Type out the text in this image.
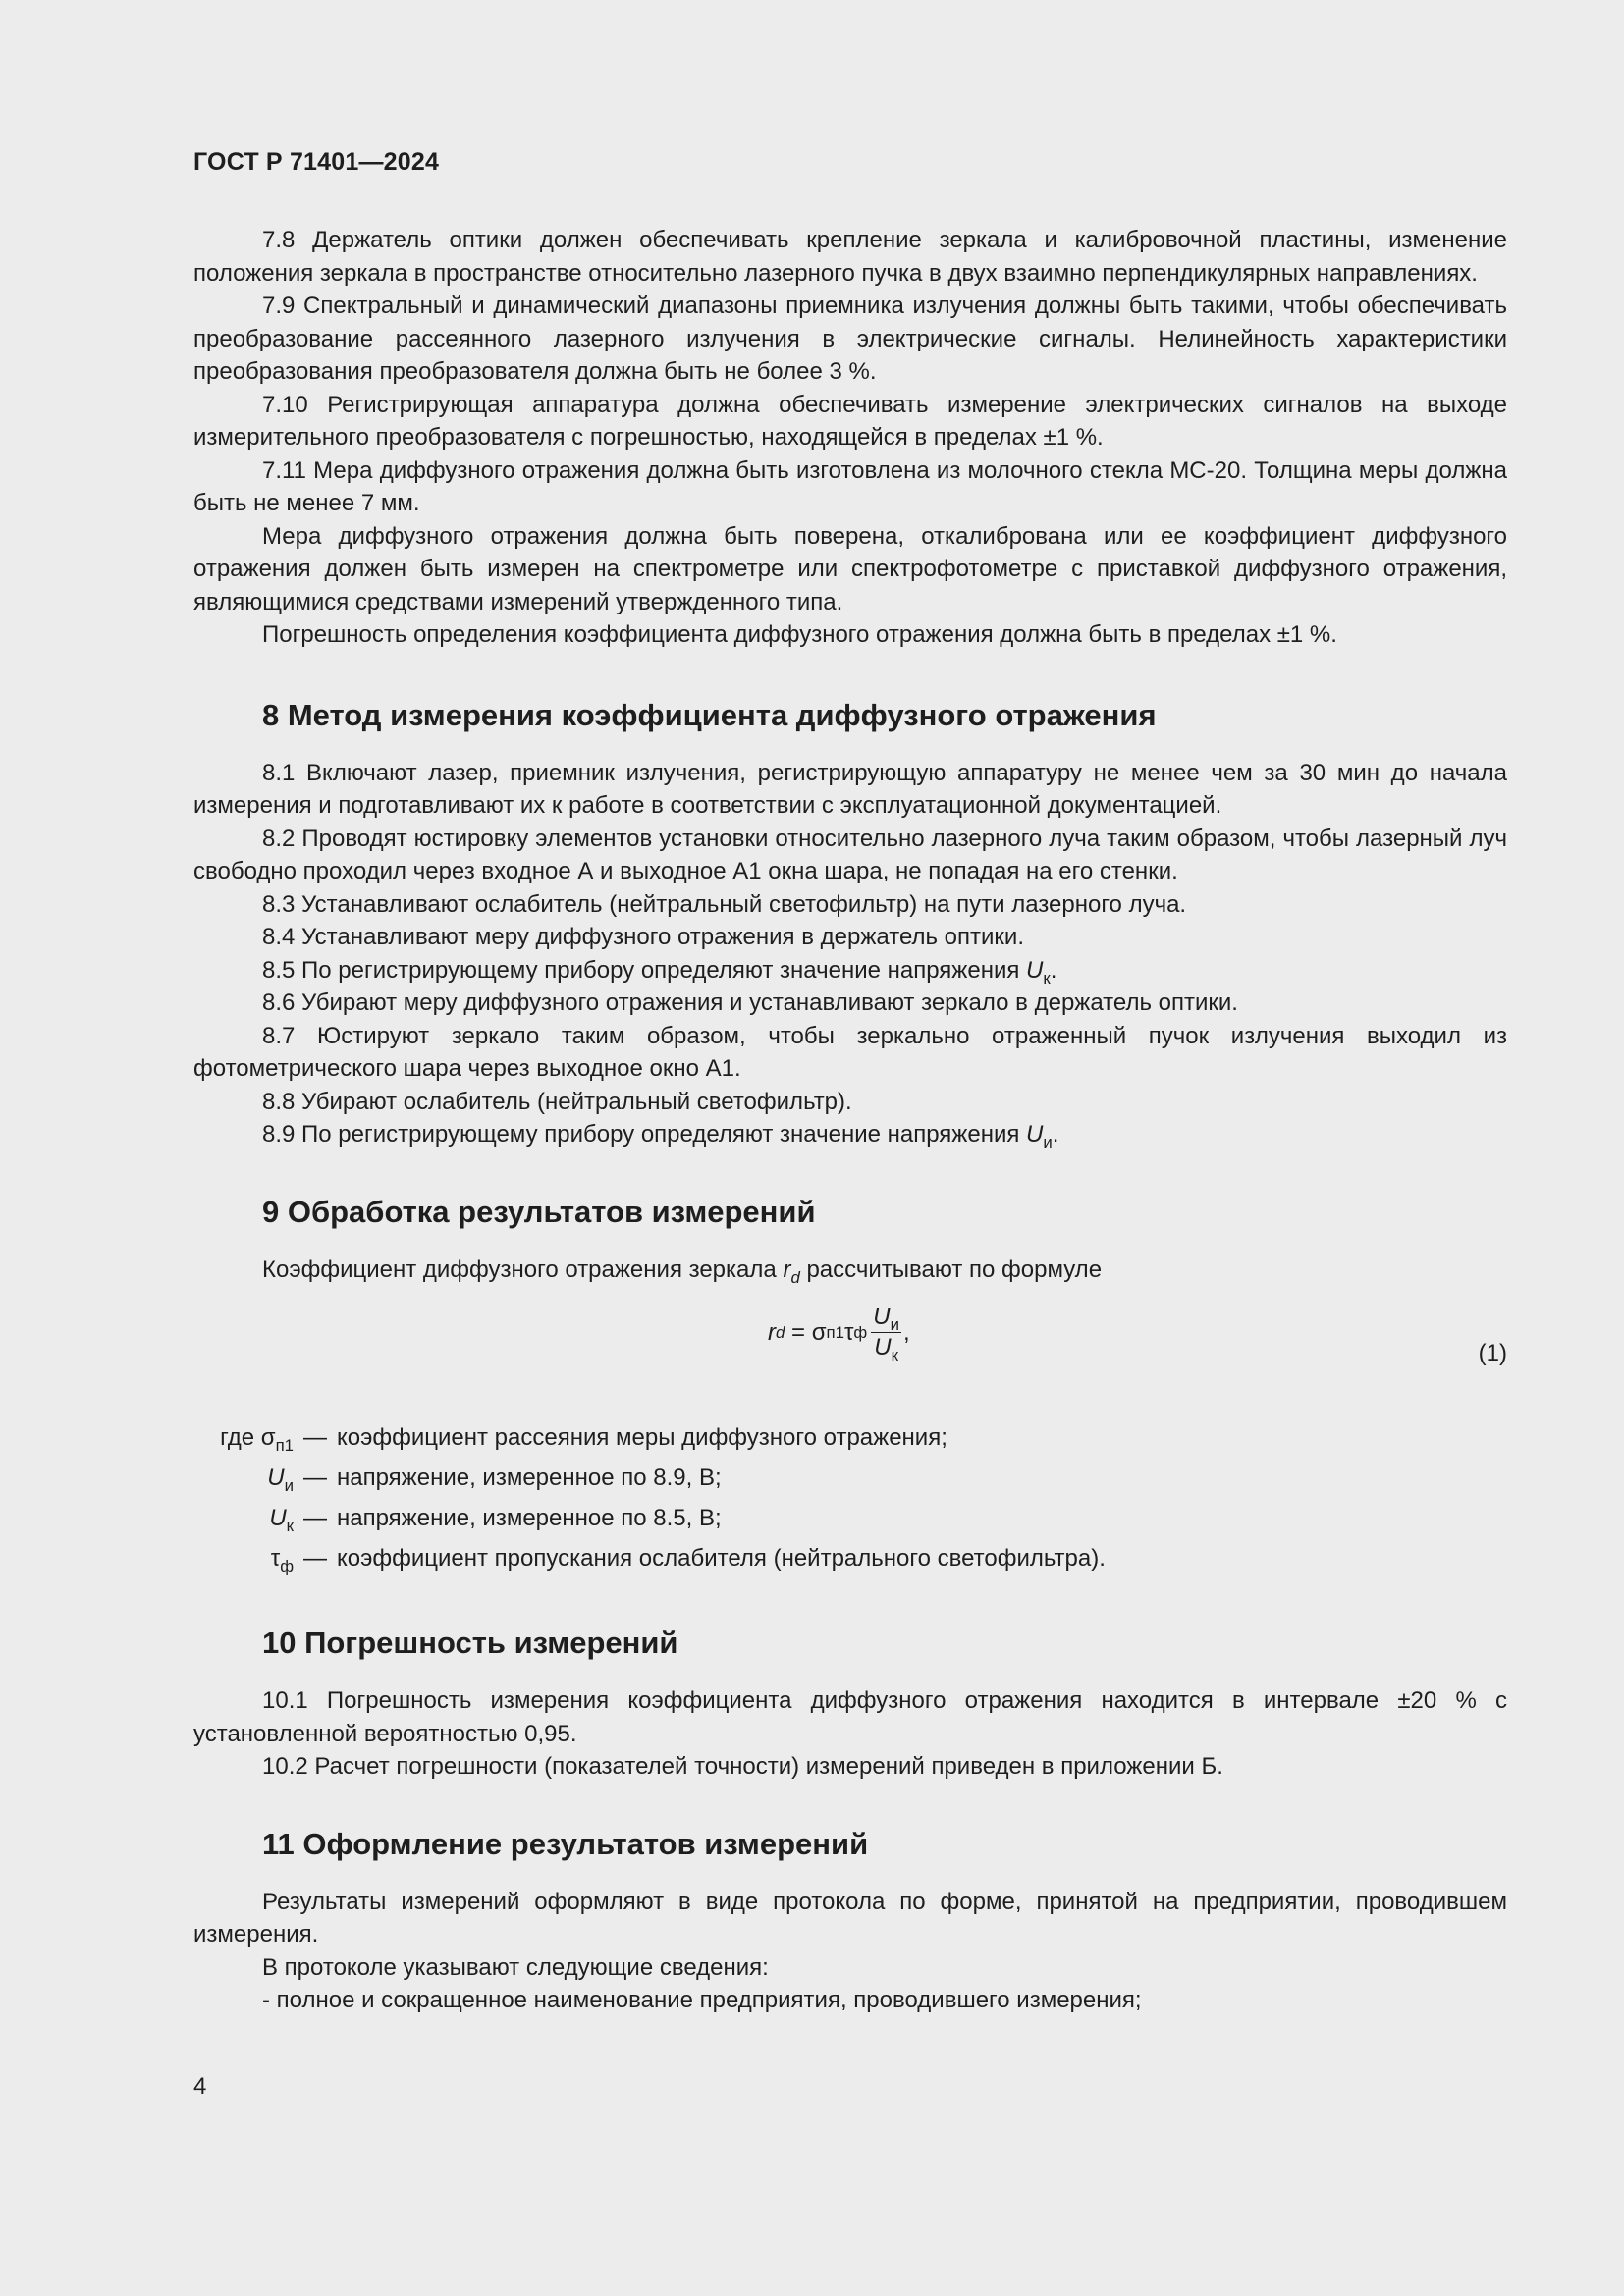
ГОСТ Р 71401—2024

7.8 Держатель оптики должен обеспечивать крепление зеркала и калибровочной пластины, изменение положения зеркала в пространстве относительно лазерного пучка в двух взаимно перпендикулярных направлениях.

7.9 Спектральный и динамический диапазоны приемника излучения должны быть такими, чтобы обеспечивать преобразование рассеянного лазерного излучения в электрические сигналы. Нелинейность характеристики преобразования преобразователя должна быть не более 3 %.

7.10 Регистрирующая аппаратура должна обеспечивать измерение электрических сигналов на выходе измерительного преобразователя с погрешностью, находящейся в пределах ±1 %.

7.11 Мера диффузного отражения должна быть изготовлена из молочного стекла МС-20. Толщина меры должна быть не менее 7 мм.

Мера диффузного отражения должна быть поверена, откалибрована или ее коэффициент диффузного отражения должен быть измерен на спектрометре или спектрофотометре с приставкой диффузного отражения, являющимися средствами измерений утвержденного типа.

Погрешность определения коэффициента диффузного отражения должна быть в пределах ±1 %.

8 Метод измерения коэффициента диффузного отражения

8.1 Включают лазер, приемник излучения, регистрирующую аппаратуру не менее чем за 30 мин до начала измерения и подготавливают их к работе в соответствии с эксплуатационной документацией.

8.2 Проводят юстировку элементов установки относительно лазерного луча таким образом, чтобы лазерный луч свободно проходил через входное А и выходное А1 окна шара, не попадая на его стенки.

8.3 Устанавливают ослабитель (нейтральный светофильтр) на пути лазерного луча.

8.4 Устанавливают меру диффузного отражения в держатель оптики.

8.5 По регистрирующему прибору определяют значение напряжения $U_к$.

8.6 Убирают меру диффузного отражения и устанавливают зеркало в держатель оптики.

8.7 Юстируют зеркало таким образом, чтобы зеркально отраженный пучок излучения выходил из фотометрического шара через выходное окно А1.

8.8 Убирают ослабитель (нейтральный светофильтр).

8.9 По регистрирующему прибору определяют значение напряжения $U_и$.

9 Обработка результатов измерений

Коэффициент диффузного отражения зеркала $r_d$ рассчитывают по формуле

r d = σ п1 τ ф $\frac{U_и}{U_к}$ ,
(1)
где $\sigma_{п1}$ — коэффициент рассеяния меры диффузного отражения;
$U_и$ — напряжение, измеренное по 8.9, В;
$U_к$ — напряжение, измеренное по 8.5, В;
$\tau_ф$ — коэффициент пропускания ослабителя (нейтрального светофильтра).
10 Погрешность измерений

10.1 Погрешность измерения коэффициента диффузного отражения находится в интервале ±20 % с установленной вероятностью 0,95.

10.2 Расчет погрешности (показателей точности) измерений приведен в приложении Б.

11 Оформление результатов измерений

Результаты измерений оформляют в виде протокола по форме, принятой на предприятии, проводившем измерения.

В протоколе указывают следующие сведения:

- полное и сокращенное наименование предприятия, проводившего измерения;

4
